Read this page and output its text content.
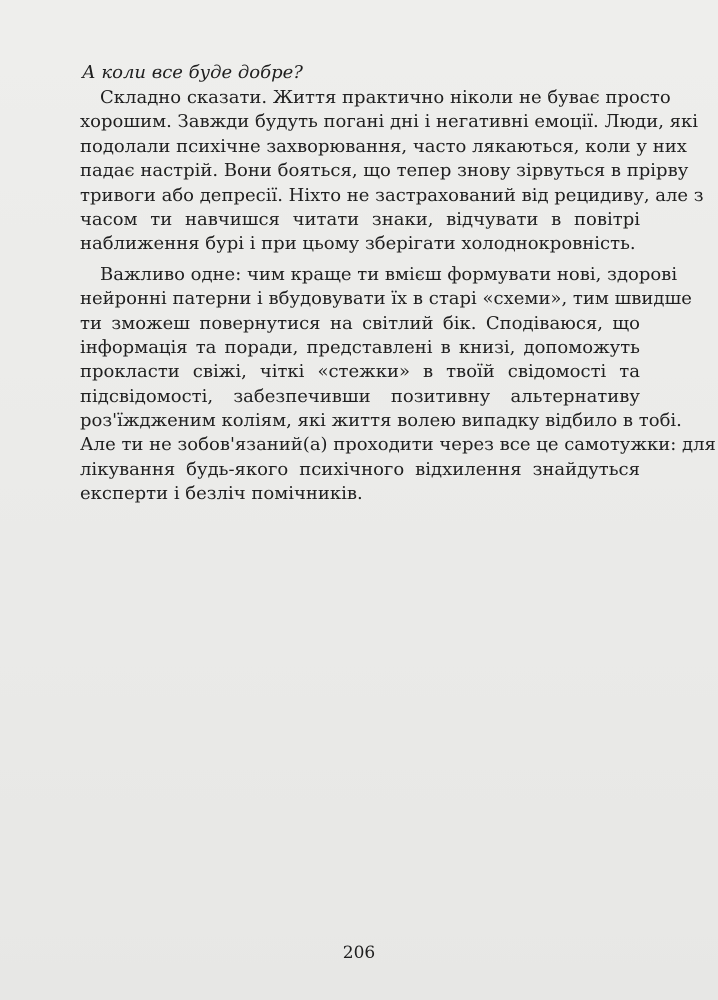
А коли все буде добре?
Складно сказати. Життя практично ніколи не буває просто
хорошим. Завжди будуть погані дні і негативні емоції. Люди, які
подолали психічне захворювання, часто лякаються, коли у них
падає настрій. Вони бояться, що тепер знову зірвуться в прірву
тривоги або депресії. Ніхто не застрахований від рецидиву, але з
часом ти навчишся читати знаки, відчувати в повітрі
наближення бурі і при цьому зберігати холоднокровність.
Важливо одне: чим краще ти вмієш формувати нові, здорові
нейронні патерни і вбудовувати їх в старі «схеми», тим швидше
ти зможеш повернутися на світлий бік. Сподіваюся, що
інформація та поради, представлені в книзі, допоможуть
прокласти свіжі, чіткі «стежки» в твоїй свідомості та
підсвідомості, забезпечивши позитивну альтернативу
роз'їждженим коліям, які життя волею випадку відбило в тобі.
Але ти не зобов'язаний(а) проходити через все це самотужки: для
лікування будь-якого психічного відхилення знайдуться
експерти і безліч помічників.
206
